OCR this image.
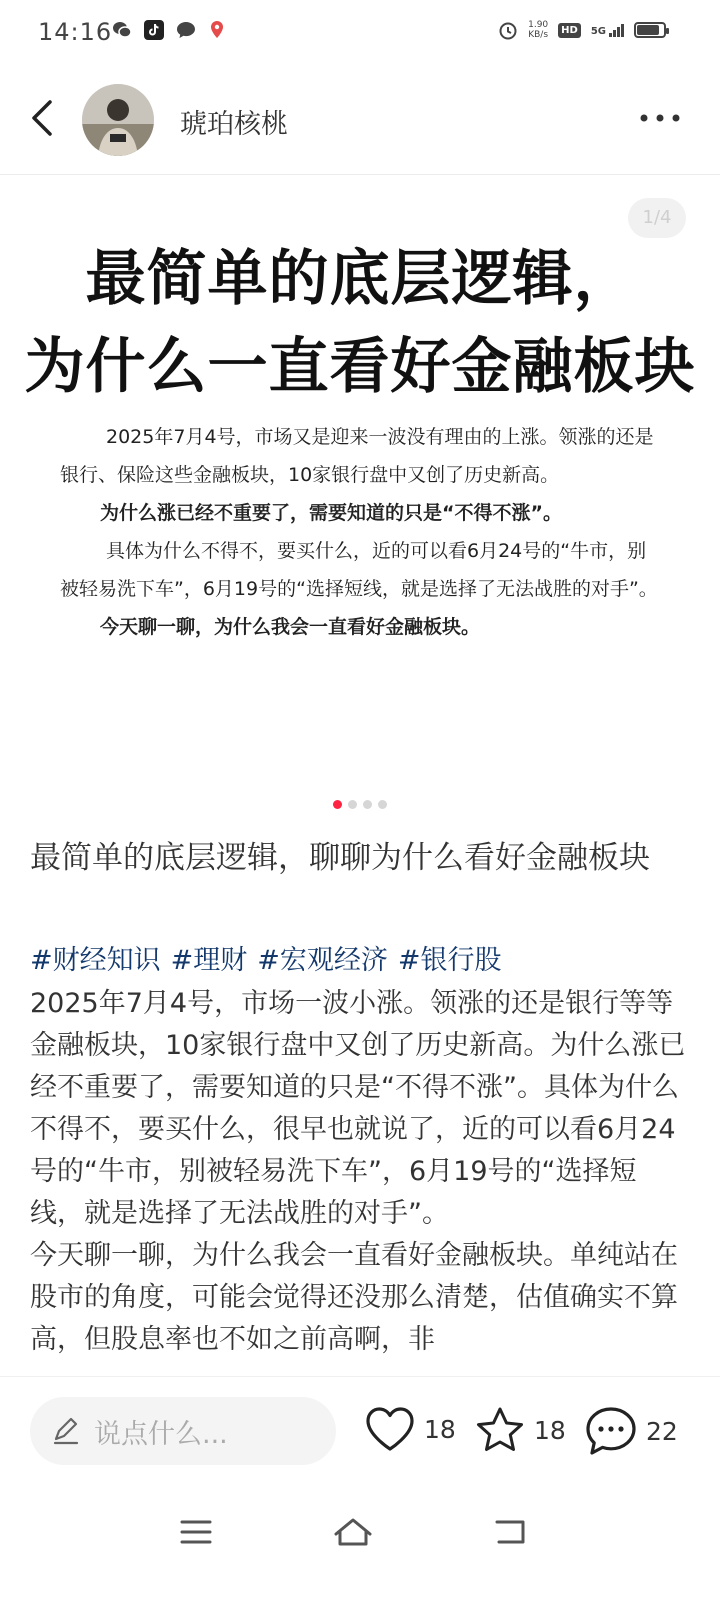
14:16	1.90
KB/s	HD	5G
琥珀核桃
1/4
最简单的底层逻辑，
为什么一直看好金融板块

2025年7月4号，市场又是迎来一波没有理由的上涨。领涨的还是银行、保险这些金融板块，10家银行盘中又创了历史新高。

为什么涨已经不重要了，需要知道的只是“不得不涨”。

具体为什么不得不，要买什么，近的可以看6月24号的“牛市，别被轻易洗下车”，6月19号的“选择短线，就是选择了无法战胜的对手”。

今天聊一聊，为什么我会一直看好金融板块。

最简单的底层逻辑，聊聊为什么看好金融板块
#财经知识 #理财 #宏观经济 #银行股

2025年7月4号，市场一波小涨。领涨的还是银行等等金融板块，10家银行盘中又创了历史新高。为什么涨已经不重要了，需要知道的只是“不得不涨”。具体为什么不得不，要买什么，很早也就说了，近的可以看6月24号的“牛市，别被轻易洗下车”，6月19号的“选择短线，就是选择了无法战胜的对手”。

今天聊一聊，为什么我会一直看好金融板块。单纯站在股市的角度，可能会觉得还没那么清楚，估值确实不算高，但股息率也不如之前高啊，非

说点什么...	18	18	22
